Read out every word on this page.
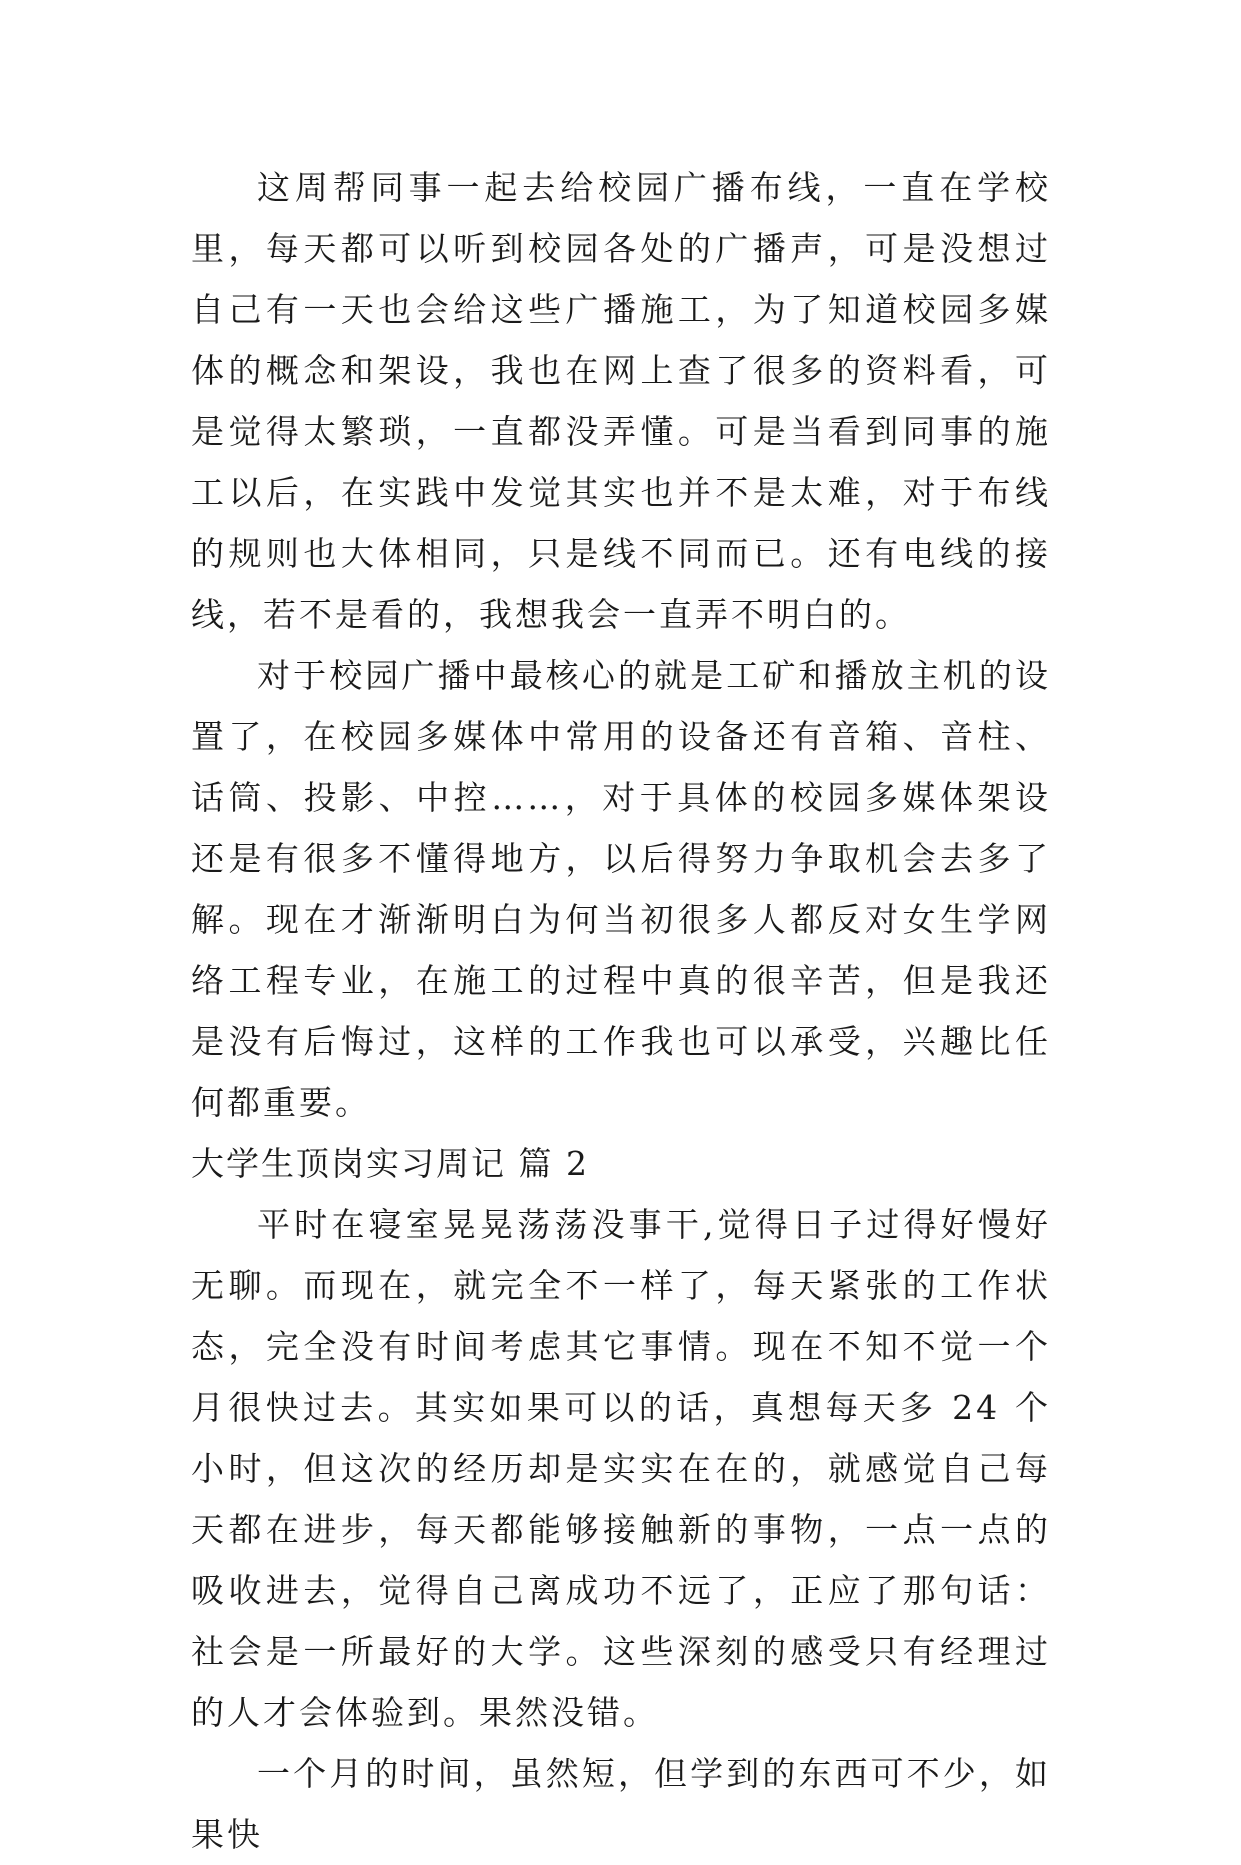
这周帮同事一起去给校园广播布线，一直在学校里，每天都可以听到校园各处的广播声，可是没想过自己有一天也会给这些广播施工，为了知道校园多媒体的概念和架设，我也在网上查了很多的资料看，可是觉得太繁琐，一直都没弄懂。可是当看到同事的施工以后，在实践中发觉其实也并不是太难，对于布线的规则也大体相同，只是线不同而已。还有电线的接线，若不是看的，我想我会一直弄不明白的。

对于校园广播中最核心的就是工矿和播放主机的设置了，在校园多媒体中常用的设备还有音箱、音柱、话筒、投影、中控……，对于具体的校园多媒体架设还是有很多不懂得地方，以后得努力争取机会去多了解。现在才渐渐明白为何当初很多人都反对女生学网络工程专业，在施工的过程中真的很辛苦，但是我还是没有后悔过，这样的工作我也可以承受，兴趣比任何都重要。

大学生顶岗实习周记 篇 2

平时在寝室晃晃荡荡没事干,觉得日子过得好慢好无聊。而现在，就完全不一样了，每天紧张的工作状态，完全没有时间考虑其它事情。现在不知不觉一个月很快过去。其实如果可以的话，真想每天多 24 个小时，但这次的经历却是实实在在的，就感觉自己每天都在进步，每天都能够接触新的事物，一点一点的吸收进去，觉得自己离成功不远了，正应了那句话：社会是一所最好的大学。这些深刻的感受只有经理过的人才会体验到。果然没错。

一个月的时间，虽然短，但学到的东西可不少，如果快
